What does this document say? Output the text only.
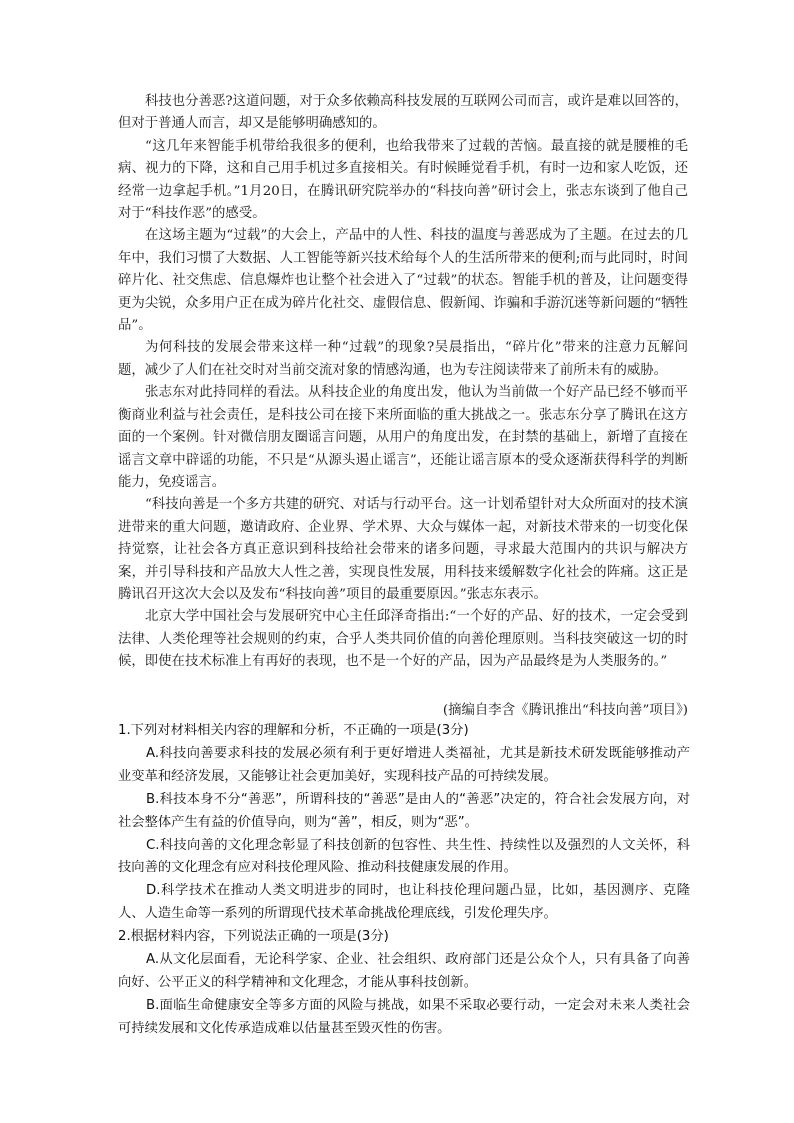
科技也分善恶?这道问题，对于众多依赖高科技发展的互联网公司而言，或许是难以回答的，但对于普通人而言，却又是能够明确感知的。

“这几年来智能手机带给我很多的便利，也给我带来了过载的苦恼。最直接的就是腰椎的毛病、视力的下降，这和自己用手机过多直接相关。有时候睡觉看手机，有时一边和家人吃饭，还经常一边拿起手机。”1月20日，在腾讯研究院举办的“科技向善”研讨会上，张志东谈到了他自己对于“科技作恶”的感受。

在这场主题为“过载”的大会上，产品中的人性、科技的温度与善恶成为了主题。在过去的几年中，我们习惯了大数据、人工智能等新兴技术给每个人的生活所带来的便利;而与此同时，时间碎片化、社交焦虑、信息爆炸也让整个社会进入了“过载”的状态。智能手机的普及，让问题变得更为尖锐，众多用户正在成为碎片化社交、虚假信息、假新闻、诈骗和手游沉迷等新问题的“牺牲品”。

为何科技的发展会带来这样一种“过载”的现象?吴晨指出，“碎片化”带来的注意力瓦解问题，减少了人们在社交时对当前交流对象的情感沟通，也为专注阅读带来了前所未有的威胁。

张志东对此持同样的看法。从科技企业的角度出发，他认为当前做一个好产品已经不够而平衡商业利益与社会责任，是科技公司在接下来所面临的重大挑战之一。张志东分享了腾讯在这方面的一个案例。针对微信朋友圈谣言问题，从用户的角度出发，在封禁的基础上，新增了直接在谣言文章中辟谣的功能，不只是“从源头遏止谣言”，还能让谣言原本的受众逐渐获得科学的判断能力，免疫谣言。

“科技向善是一个多方共建的研究、对话与行动平台。这一计划希望针对大众所面对的技术演进带来的重大问题，邀请政府、企业界、学术界、大众与媒体一起，对新技术带来的一切变化保持觉察，让社会各方真正意识到科技给社会带来的诸多问题，寻求最大范围内的共识与解决方案，并引导科技和产品放大人性之善，实现良性发展，用科技来缓解数字化社会的阵痛。这正是腾讯召开这次大会以及发布“科技向善”项目的最重要原因。”张志东表示。

北京大学中国社会与发展研究中心主任邱泽奇指出:“一个好的产品、好的技术，一定会受到法律、人类伦理等社会规则的约束，合乎人类共同价值的向善伦理原则。当科技突破这一切的时候，即使在技术标准上有再好的表现，也不是一个好的产品，因为产品最终是为人类服务的。”

(摘编自李含《腾讯推出“科技向善”项目》)

1.下列对材料相关内容的理解和分析，不正确的一项是(3分)

A.科技向善要求科技的发展必须有利于更好增进人类福祉，尤其是新技术研发既能够推动产业变革和经济发展，又能够让社会更加美好，实现科技产品的可持续发展。

B.科技本身不分“善恶”，所谓科技的“善恶”是由人的“善恶”决定的，符合社会发展方向，对社会整体产生有益的价值导向，则为“善”，相反，则为“恶”。

C.科技向善的文化理念彰显了科技创新的包容性、共生性、持续性以及强烈的人文关怀，科技向善的文化理念有应对科技伦理风险、推动科技健康发展的作用。

D.科学技术在推动人类文明进步的同时，也让科技伦理问题凸显，比如，基因测序、克隆人、人造生命等一系列的所谓现代技术革命挑战伦理底线，引发伦理失序。

2.根据材料内容，下列说法正确的一项是(3分)

A.从文化层面看，无论科学家、企业、社会组织、政府部门还是公众个人，只有具备了向善向好、公平正义的科学精神和文化理念，才能从事科技创新。

B.面临生命健康安全等多方面的风险与挑战，如果不采取必要行动，一定会对未来人类社会可持续发展和文化传承造成难以估量甚至毁灭性的伤害。
